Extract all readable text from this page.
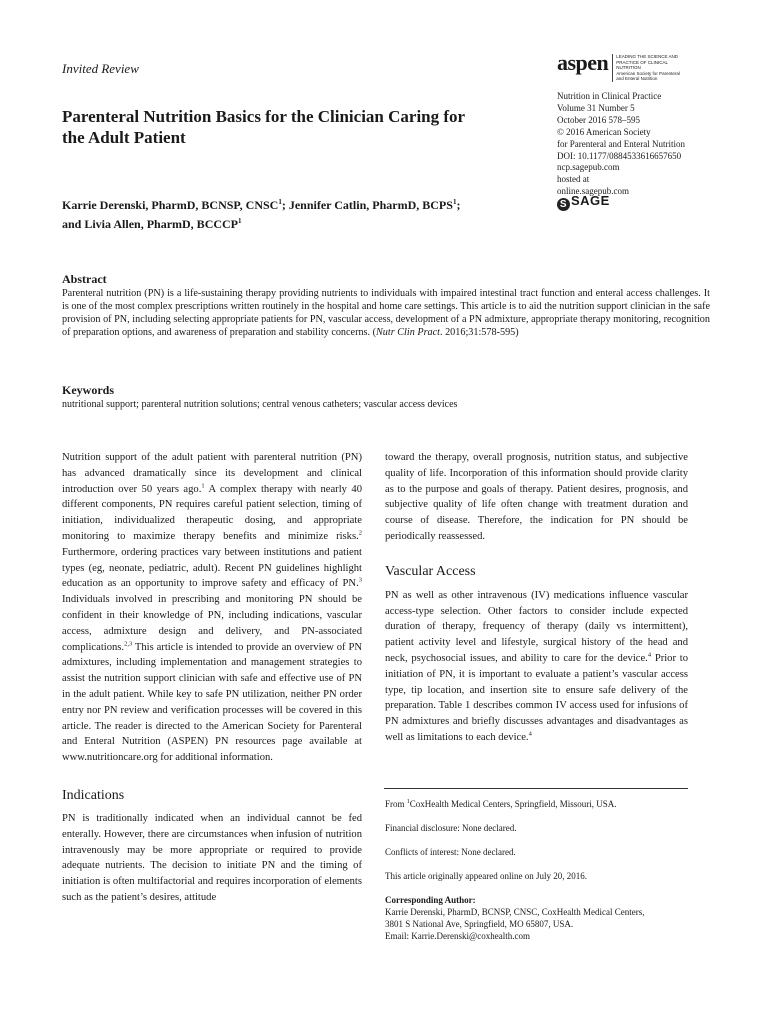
Invited Review	aspen LEADING THE SCIENCE AND
PRACTICE OF CLINICAL NUTRITION
American Society for Parenteral and Enteral Nutrition
Nutrition in Clinical Practice
Volume 31 Number 5
October 2016 578–595
© 2016 American Society
for Parenteral and Enteral Nutrition
DOI: 10.1177/0884533616657650
ncp.sagepub.com
hosted at
online.sagepub.com
S SAGE
Parenteral Nutrition Basics for the Clinician Caring for the Adult Patient
Karrie Derenski, PharmD, BCNSP, CNSC$^1$; Jennifer Catlin, PharmD, BCPS$^1$;
and Livia Allen, PharmD, BCCCP$^1$
Abstract
Parenteral nutrition (PN) is a life-sustaining therapy providing nutrients to individuals with impaired intestinal tract function and enteral access challenges. It is one of the most complex prescriptions written routinely in the hospital and home care settings. This article is to aid the nutrition support clinician in the safe provision of PN, including selecting appropriate patients for PN, vascular access, development of a PN admixture, appropriate therapy monitoring, recognition of preparation options, and awareness of preparation and stability concerns. (Nutr Clin Pract. 2016;31:578-595)
Keywords
nutritional support; parenteral nutrition solutions; central venous catheters; vascular access devices

Nutrition support of the adult patient with parenteral nutrition (PN) has advanced dramatically since its development and clinical introduction over 50 years ago.$^1$ A complex therapy with nearly 40 different components, PN requires careful patient selection, timing of initiation, individualized therapeutic dosing, and appropriate monitoring to maximize therapy benefits and minimize risks.$^2$ Furthermore, ordering practices vary between institutions and patient types (eg, neonate, pediatric, adult). Recent PN guidelines highlight education as an opportunity to improve safety and efficacy of PN.$^3$ Individuals involved in prescribing and monitoring PN should be confident in their knowledge of PN, including indications, vascular access, admixture design and delivery, and PN-associated complications.$^{2,3}$ This article is intended to provide an overview of PN admixtures, including implementation and management strategies to assist the nutrition support clinician with safe and effective use of PN in the adult patient. While key to safe PN utilization, neither PN order entry nor PN review and verification processes will be covered in this article. The reader is directed to the American Society for Parenteral and Enteral Nutrition (ASPEN) PN resources page available at www.nutritioncare.org for additional information.

Indications

PN is traditionally indicated when an individual cannot be fed enterally. However, there are circumstances when infusion of nutrition intravenously may be more appropriate or required to provide adequate nutrients. The decision to initiate PN and the timing of initiation is often multifactorial and requires incorporation of elements such as the patient’s desires, attitude

toward the therapy, overall prognosis, nutrition status, and subjective quality of life. Incorporation of this information should provide clarity as to the purpose and goals of therapy. Patient desires, prognosis, and subjective quality of life often change with treatment duration and course of disease. Therefore, the indication for PN should be periodically reassessed.

Vascular Access

PN as well as other intravenous (IV) medications influence vascular access-type selection. Other factors to consider include expected duration of therapy, frequency of therapy (daily vs intermittent), patient activity level and lifestyle, surgical history of the head and neck, psychosocial issues, and ability to care for the device.$^4$ Prior to initiation of PN, it is important to evaluate a patient’s vascular access type, tip location, and insertion site to ensure safe delivery of the preparation. Table 1 describes common IV access used for infusions of PN admixtures and briefly discusses advantages and disadvantages as well as limitations to each device.$^4$

From $^1$CoxHealth Medical Centers, Springfield, Missouri, USA.
Financial disclosure: None declared.
Conflicts of interest: None declared.
This article originally appeared online on July 20, 2016.
Corresponding Author:
Karrie Derenski, PharmD, BCNSP, CNSC, CoxHealth Medical Centers,
3801 S National Ave, Springfield, MO 65807, USA.
Email: Karrie.Derenski@coxhealth.com
